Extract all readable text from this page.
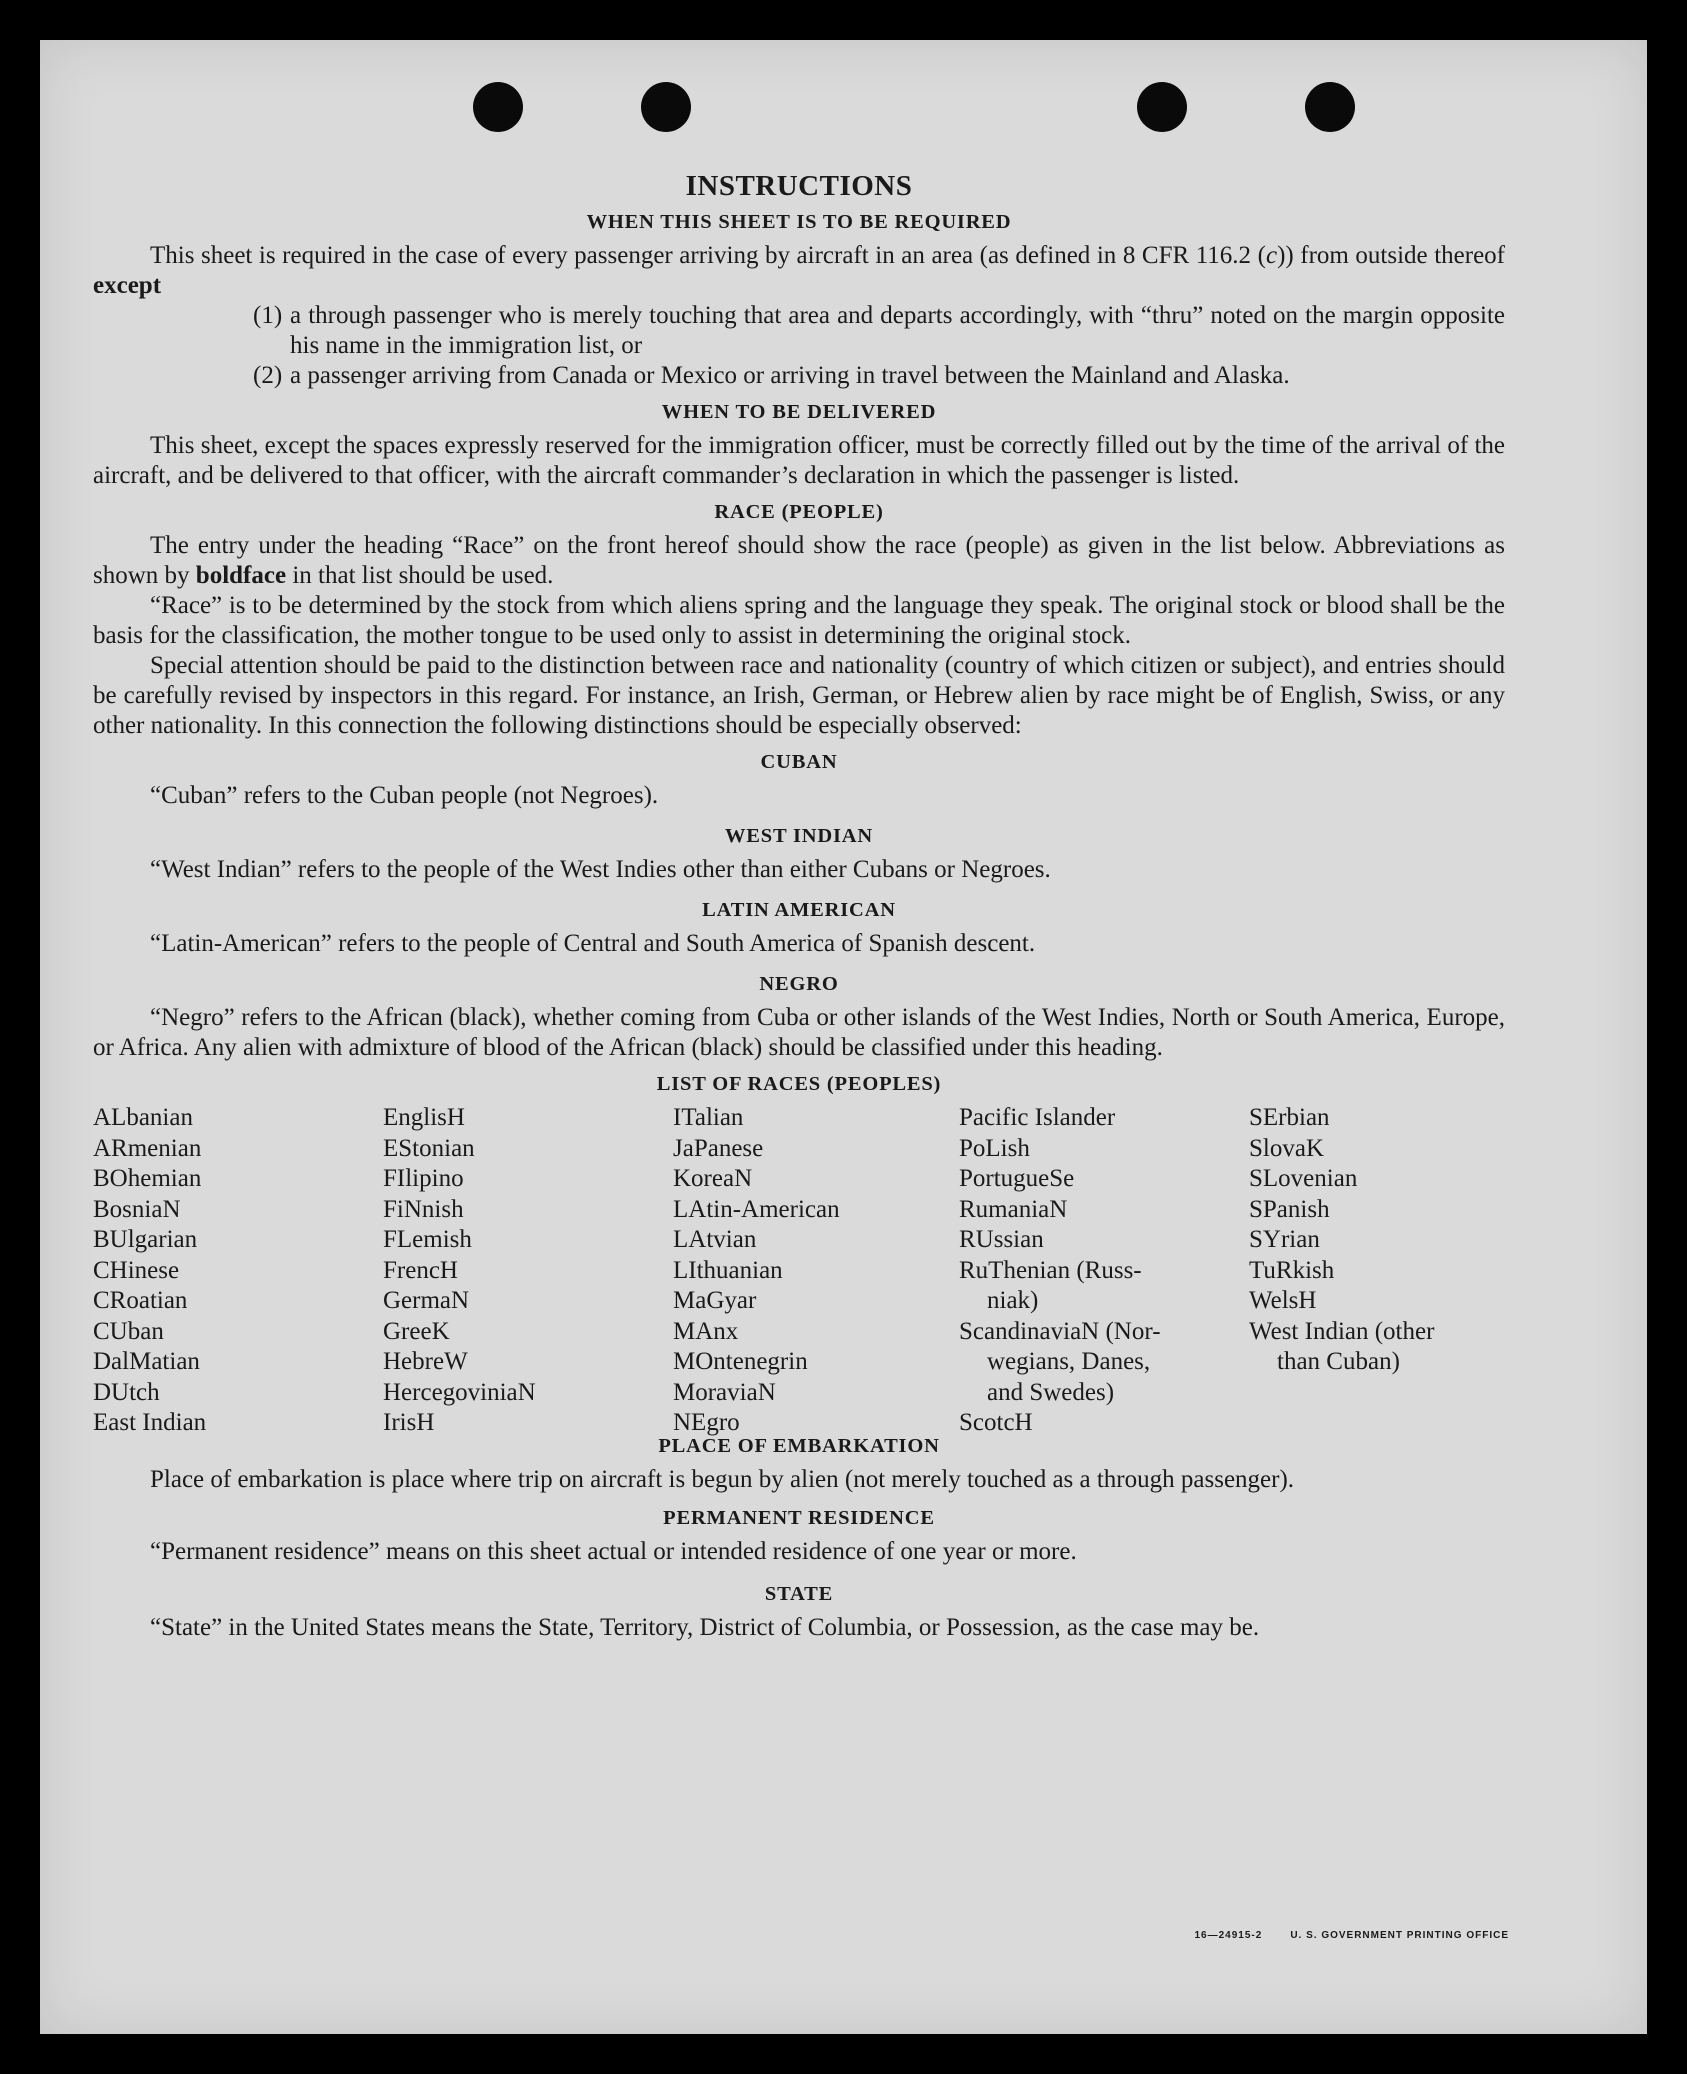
INSTRUCTIONS
WHEN THIS SHEET IS TO BE REQUIRED

This sheet is required in the case of every passenger arriving by aircraft in an area (as defined in 8 CFR 116.2 (c)) from outside thereof except

(1) a through passenger who is merely touching that area and departs accordingly, with “thru” noted on the margin opposite his name in the immigration list, or

(2) a passenger arriving from Canada or Mexico or arriving in travel between the Mainland and Alaska.

WHEN TO BE DELIVERED

This sheet, except the spaces expressly reserved for the immigration officer, must be correctly filled out by the time of the arrival of the aircraft, and be delivered to that officer, with the aircraft commander’s declaration in which the passenger is listed.

RACE (PEOPLE)

The entry under the heading “Race” on the front hereof should show the race (people) as given in the list below. Abbreviations as shown by boldface in that list should be used.

“Race” is to be determined by the stock from which aliens spring and the language they speak. The original stock or blood shall be the basis for the classification, the mother tongue to be used only to assist in determining the original stock.

Special attention should be paid to the distinction between race and nationality (country of which citizen or subject), and entries should be carefully revised by inspectors in this regard. For instance, an Irish, German, or Hebrew alien by race might be of English, Swiss, or any other nationality. In this connection the following distinctions should be especially observed:

CUBAN

“Cuban” refers to the Cuban people (not Negroes).

WEST INDIAN

“West Indian” refers to the people of the West Indies other than either Cubans or Negroes.

LATIN AMERICAN

“Latin-American” refers to the people of Central and South America of Spanish descent.

NEGRO

“Negro” refers to the African (black), whether coming from Cuba or other islands of the West Indies, North or South America, Europe, or Africa. Any alien with admixture of blood of the African (black) should be classified under this heading.

LIST OF RACES (PEOPLES)
ALbanian
ARmenian
BOhemian
BosniaN
BUlgarian
CHinese
CRoatian
CUban
DalMatian
DUtch
East Indian
EnglisH
EStonian
FIlipino
FiNnish
FLemish
FrencH
GermaN
GreeK
HebreW
HercegoviniaN
IrisH
ITalian
JaPanese
KoreaN
LAtin-American
LAtvian
LIthuanian
MaGyar
MAnx
MOntenegrin
MoraviaN
NEgro
Pacific Islander
PoLish
PortugueSe
RumaniaN
RUssian
RuThenian (Russ-
niak)
ScandinaviaN (Nor-
wegians, Danes,
and Swedes)
ScotcH
SErbian
SlovaK
SLovenian
SPanish
SYrian
TuRkish
WelsH
West Indian (other
than Cuban)
PLACE OF EMBARKATION

Place of embarkation is place where trip on aircraft is begun by alien (not merely touched as a through passenger).

PERMANENT RESIDENCE

“Permanent residence” means on this sheet actual or intended residence of one year or more.

STATE

“State” in the United States means the State, Territory, District of Columbia, or Possession, as the case may be.

16—24915-2	U. S. GOVERNMENT PRINTING OFFICE
